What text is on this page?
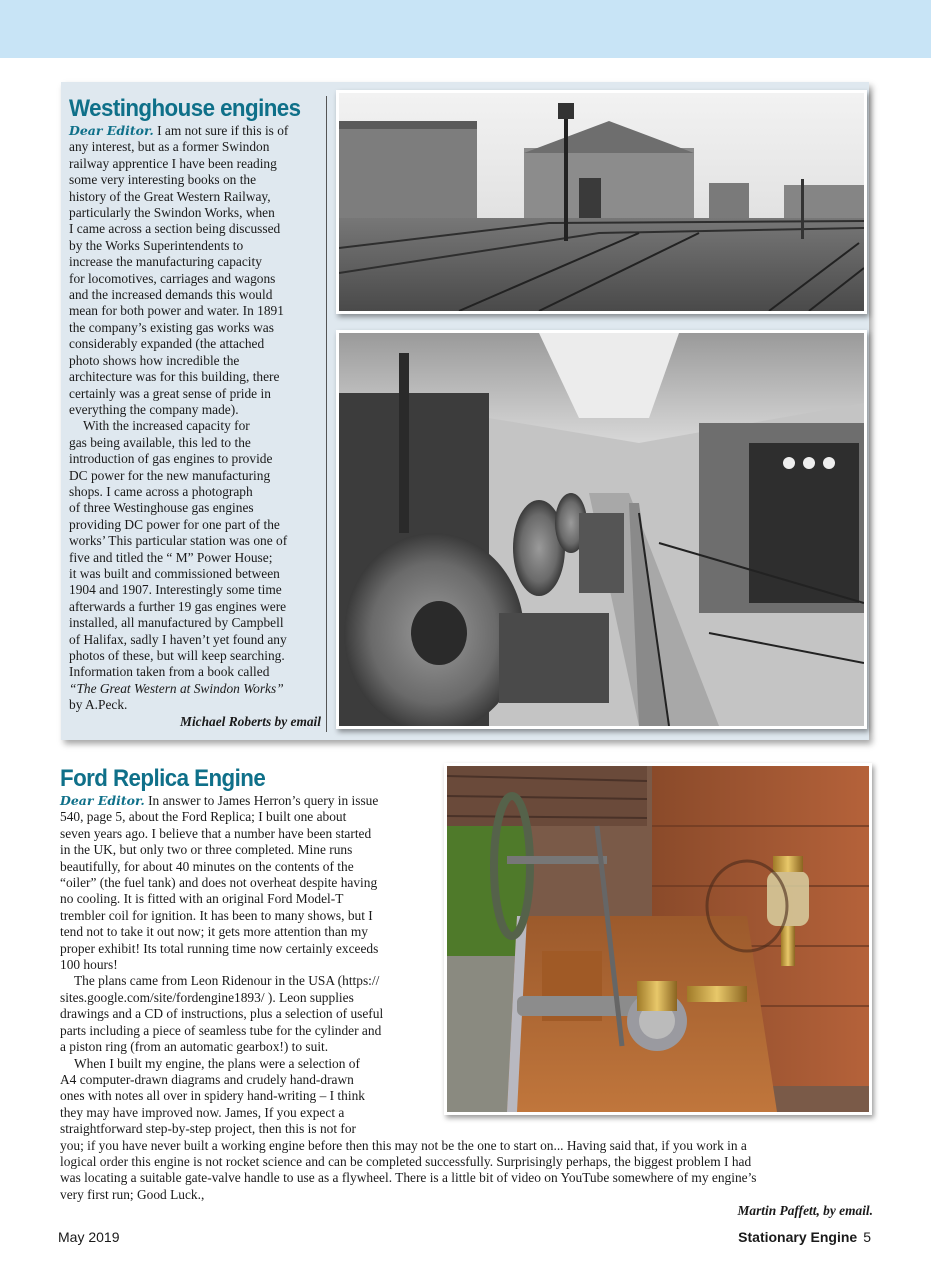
Westinghouse engines
Dear Editor. I am not sure if this is of
any interest, but as a former Swindon
railway apprentice I have been reading
some very interesting books on the
history of the Great Western Railway,
particularly the Swindon Works, when
I came across a section being discussed
by the Works Superintendents to
increase the manufacturing capacity
for locomotives, carriages and wagons
and the increased demands this would
mean for both power and water. In 1891
the company’s existing gas works was
considerably expanded (the attached
photo shows how incredible the
architecture was for this building, there
certainly was a great sense of pride in
everything the company made).
With the increased capacity for
gas being available, this led to the
introduction of gas engines to provide
DC power for the new manufacturing
shops. I came across a photograph
of three Westinghouse gas engines
providing DC power for one part of the
works’ This particular station was one of
five and titled the “ M” Power House;
it was built and commissioned between
1904 and 1907. Interestingly some time
afterwards a further 19 gas engines were
installed, all manufactured by Campbell
of Halifax, sadly I haven’t yet found any
photos of these, but will keep searching.
Information taken from a book called
“The Great Western at Swindon Works”
by A.Peck.
Michael Roberts by email
Ford Replica Engine
Dear Editor. In answer to James Herron’s query in issue
540, page 5, about the Ford Replica; I built one about
seven years ago. I believe that a number have been started
in the UK, but only two or three completed. Mine runs
beautifully, for about 40 minutes on the contents of the
“oiler” (the fuel tank) and does not overheat despite having
no cooling. It is fitted with an original Ford Model-T
trembler coil for ignition. It has been to many shows, but I
tend not to take it out now; it gets more attention than my
proper exhibit! Its total running time now certainly exceeds
100 hours!
The plans came from Leon Ridenour in the USA (https://
sites.google.com/site/fordengine1893/ ). Leon supplies
drawings and a CD of instructions, plus a selection of useful
parts including a piece of seamless tube for the cylinder and
a piston ring (from an automatic gearbox!) to suit.
When I built my engine, the plans were a selection of
A4 computer-drawn diagrams and crudely hand-drawn
ones with notes all over in spidery hand-writing – I think
they may have improved now. James, If you expect a
straightforward step-by-step project, then this is not for
you; if you have never built a working engine before then this may not be the one to start on... Having said that, if you work in a
logical order this engine is not rocket science and can be completed successfully. Surprisingly perhaps, the biggest problem I had
was locating a suitable gate-valve handle to use as a flywheel. There is a little bit of video on YouTube somewhere of my engine’s
very first run; Good Luck.,
Martin Paffett, by email.
May 2019	Stationary Engine 5
